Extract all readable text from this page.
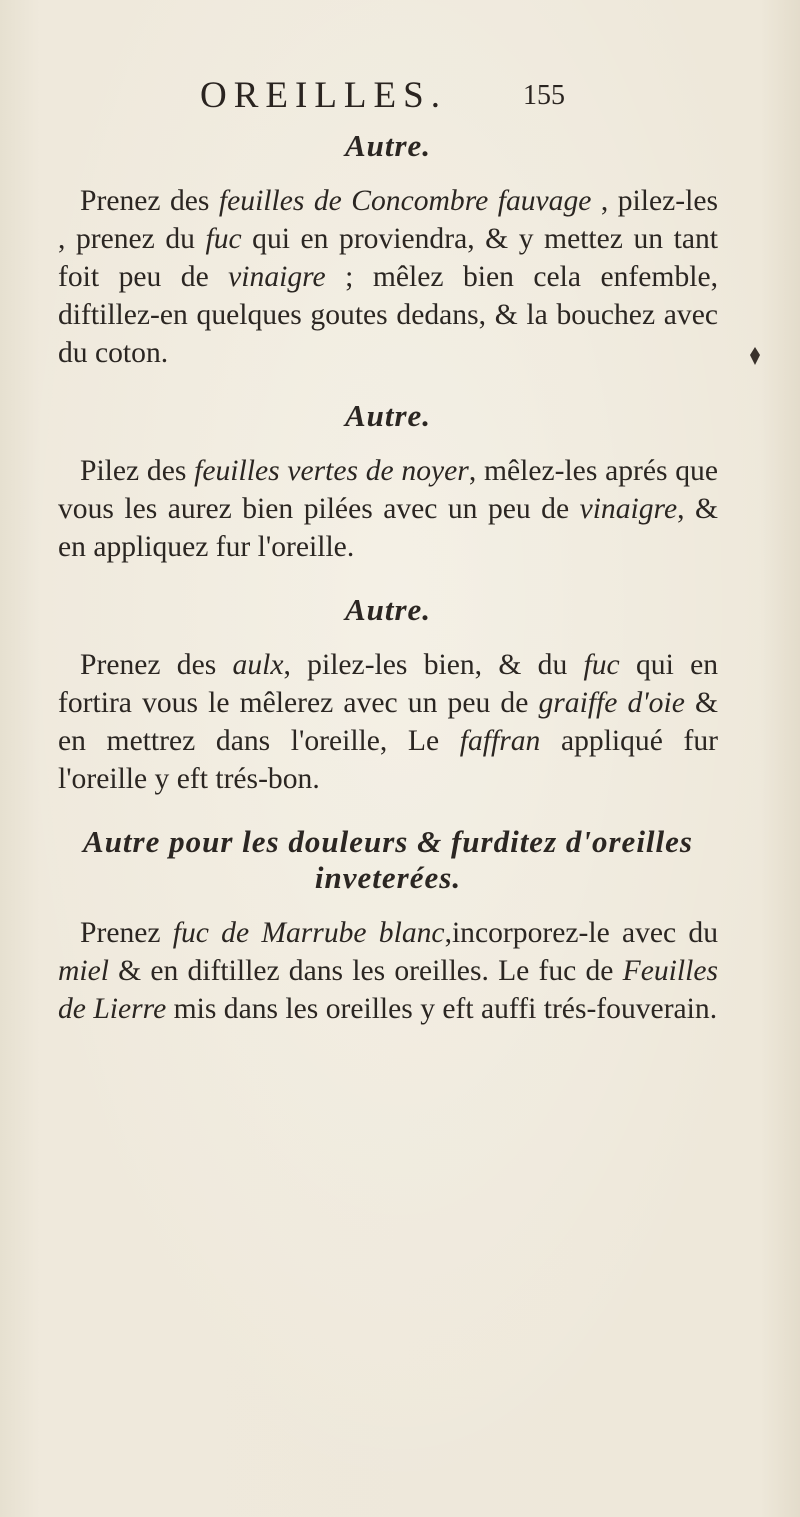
OREILLES.	155
Autre.

Prenez des feuilles de Concombre fauvage , pilez-les , prenez du fuc qui en proviendra, & y mettez un tant foit peu de vinaigre ; mêlez bien cela enfemble, diftillez-en quelques goutes dedans, & la bouchez avec du coton.

Autre.

Pilez des feuilles vertes de noyer, mêlez-les aprés que vous les aurez bien pilées avec un peu de vinaigre, & en appliquez fur l'oreille.

Autre.

Prenez des aulx, pilez-les bien, & du fuc qui en fortira vous le mêlerez avec un peu de graiffe d'oie & en mettrez dans l'oreille, Le faffran appliqué fur l'oreille y eft trés-bon.

Autre pour les douleurs & furditez d'oreilles inveterées.

Prenez fuc de Marrube blanc,incorporez-le avec du miel & en diftillez dans les oreilles. Le fuc de Feuilles de Lierre mis dans les oreilles y eft auffi trés-fouverain.
